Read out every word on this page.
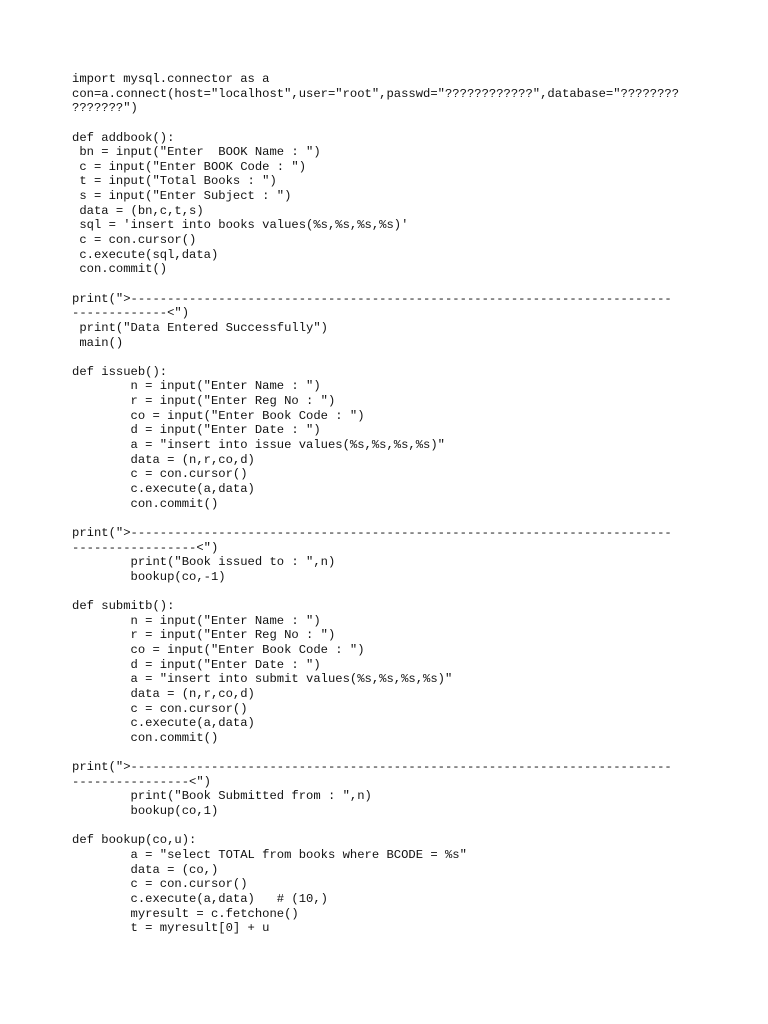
import mysql.connector as a
con=a.connect(host="localhost",user="root",passwd="????????????",database="????????
???????")
def addbook():
bn = input("Enter  BOOK Name : ")
c = input("Enter BOOK Code : ")
t = input("Total Books : ")
s = input("Enter Subject : ")
data = (bn,c,t,s)
sql = 'insert into books values(%s,%s,%s,%s)'
c = con.cursor()
c.execute(sql,data)
con.commit()
print(">--------------------------------------------------------------------------
-------------<")
print("Data Entered Successfully")
main()
def issueb():
n = input("Enter Name : ")
r = input("Enter Reg No : ")
co = input("Enter Book Code : ")
d = input("Enter Date : ")
a = "insert into issue values(%s,%s,%s,%s)"
data = (n,r,co,d)
c = con.cursor()
c.execute(a,data)
con.commit()
print(">--------------------------------------------------------------------------
-----------------<")
print("Book issued to : ",n)
bookup(co,-1)
def submitb():
n = input("Enter Name : ")
r = input("Enter Reg No : ")
co = input("Enter Book Code : ")
d = input("Enter Date : ")
a = "insert into submit values(%s,%s,%s,%s)"
data = (n,r,co,d)
c = con.cursor()
c.execute(a,data)
con.commit()
print(">--------------------------------------------------------------------------
----------------<")
print("Book Submitted from : ",n)
bookup(co,1)
def bookup(co,u):
a = "select TOTAL from books where BCODE = %s"
data = (co,)
c = con.cursor()
c.execute(a,data)   # (10,)
myresult = c.fetchone()
t = myresult[0] + u
